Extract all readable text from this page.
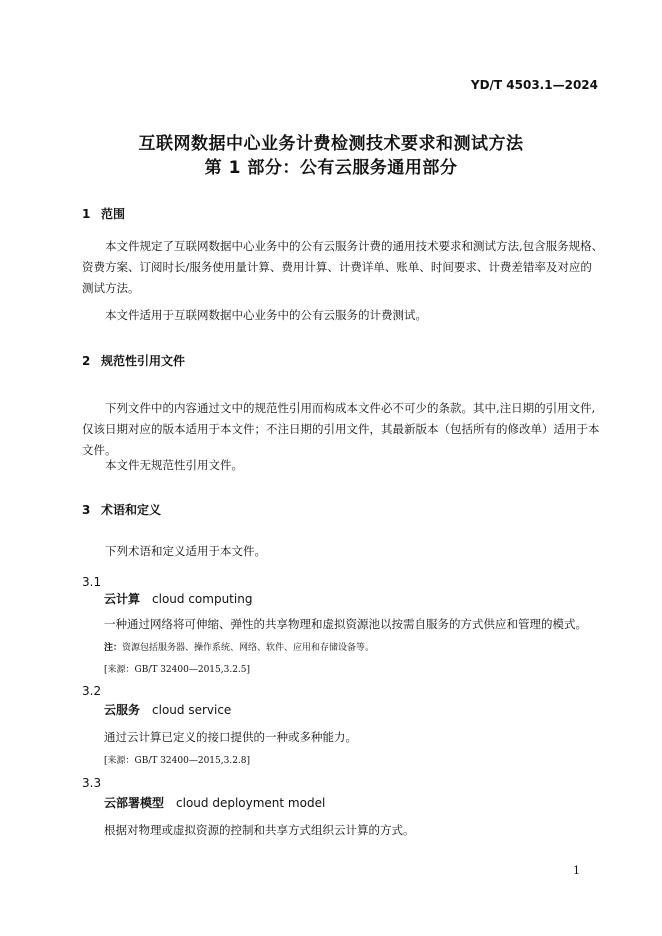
YD/T 4503.1—2024
互联网数据中心业务计费检测技术要求和测试方法
第 1 部分：公有云服务通用部分
1 范围
本文件规定了互联网数据中心业务中的公有云服务计费的通用技术要求和测试方法,包含服务规格、
资费方案、订阅时长/服务使用量计算、费用计算、计费详单、账单、时间要求、计费差错率及对应的
测试方法。
本文件适用于互联网数据中心业务中的公有云服务的计费测试。
2 规范性引用文件
下列文件中的内容通过文中的规范性引用而构成本文件必不可少的条款。其中,注日期的引用文件,
仅该日期对应的版本适用于本文件；不注日期的引用文件，其最新版本（包括所有的修改单）适用于本
文件。
本文件无规范性引用文件。
3 术语和定义
下列术语和定义适用于本文件。
3.1
云计算 cloud computing
一种通过网络将可伸缩、弹性的共享物理和虚拟资源池以按需自服务的方式供应和管理的模式。
注：资源包括服务器、操作系统、网络、软件、应用和存储设备等。
[来源：GB/T 32400—2015,3.2.5]
3.2
云服务 cloud service
通过云计算已定义的接口提供的一种或多种能力。
[来源：GB/T 32400—2015,3.2.8]
3.3
云部署模型 cloud deployment model
根据对物理或虚拟资源的控制和共享方式组织云计算的方式。
1
